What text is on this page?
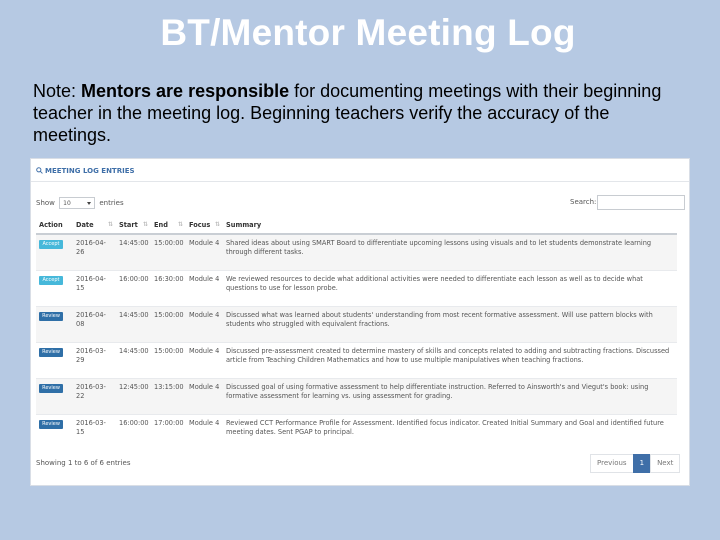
BT/Mentor Meeting Log
Note: Mentors are responsible for documenting meetings with their beginning teacher in the meeting log. Beginning teachers verify the accuracy of the meetings.
MEETING LOG ENTRIES
Show 10	entries	Search:
Action	Date ⇅	Start ⇅	End ⇅	Focus ⇅	Summary
Accept	2016-04-26	14:45:00	15:00:00	Module 4	Shared ideas about using SMART Board to differentiate upcoming lessons using visuals and to let students demonstrate learning through different tasks.
Accept	2016-04-15	16:00:00	16:30:00	Module 4	We reviewed resources to decide what additional activities were needed to differentiate each lesson as well as to decide what questions to use for lesson probe.
Review	2016-04-08	14:45:00	15:00:00	Module 4	Discussed what was learned about students' understanding from most recent formative assessment. Will use pattern blocks with students who struggled with equivalent fractions.
Review	2016-03-29	14:45:00	15:00:00	Module 4	Discussed pre-assessment created to determine mastery of skills and concepts related to adding and subtracting fractions. Discussed article from Teaching Children Mathematics and how to use multiple manipulatives when teaching fractions.
Review	2016-03-22	12:45:00	13:15:00	Module 4	Discussed goal of using formative assessment to help differentiate instruction. Referred to Ainsworth's and Viegut's book: using formative assessment for learning vs. using assessment for grading.
Review	2016-03-15	16:00:00	17:00:00	Module 4	Reviewed CCT Performance Profile for Assessment. Identified focus indicator. Created Initial Summary and Goal and identified future meeting dates. Sent PGAP to principal.
Showing 1 to 6 of 6 entries	Previous	1	Next
